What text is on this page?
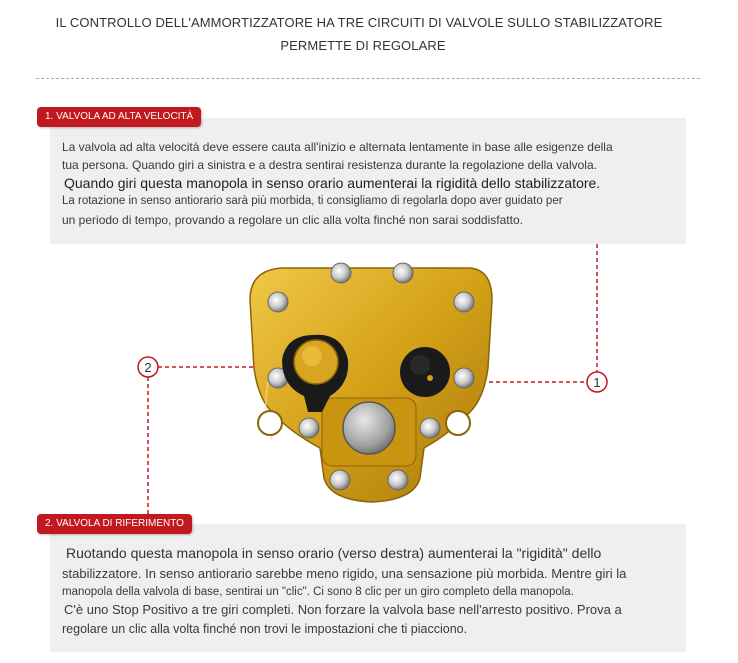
IL CONTROLLO DELL'AMMORTIZZATORE HA TRE CIRCUITI DI VALVOLE SULLO STABILIZZATORE
PERMETTE DI REGOLARE
1. VALVOLA AD ALTA VELOCITÀ
La valvola ad alta velocità deve essere cauta all'inizio e alternata lentamente in base alle esigenze della
tua persona. Quando giri a sinistra e a destra sentirai resistenza durante la regolazione della valvola.
Quando giri questa manopola in senso orario aumenterai la rigidità dello stabilizzatore.
La rotazione in senso antiorario sarà più morbida, ti consigliamo di regolarla dopo aver guidato per
un periodo di tempo, provando a regolare un clic alla volta finché non sarai soddisfatto.
2. VALVOLA DI RIFERIMENTO
Ruotando questa manopola in senso orario (verso destra) aumenterai la "rigidità" dello
stabilizzatore. In senso antiorario sarebbe meno rigido, una sensazione più morbida. Mentre giri la
manopola della valvola di base, sentirai un "clic". Ci sono 8 clic per un giro completo della manopola.
C'è uno Stop Positivo a tre giri completi. Non forzare la valvola base nell'arresto positivo. Prova a
regolare un clic alla volta finché non trovi le impostazioni che ti piacciono.
2
1
